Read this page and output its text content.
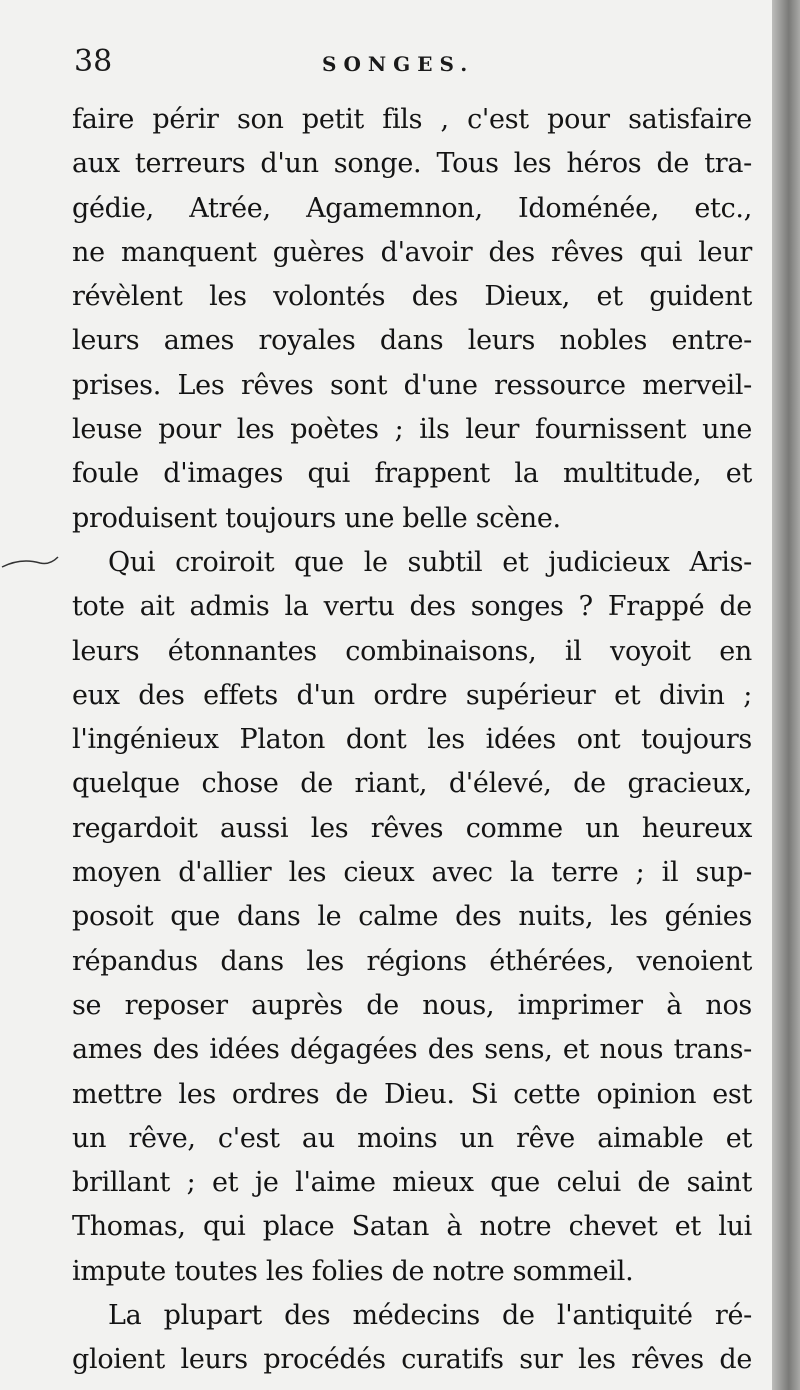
38	SONGES.
faire périr son petit fils , c'est pour satisfaire
aux terreurs d'un songe. Tous les héros de tra-
gédie, Atrée, Agamemnon, Idoménée, etc.,
ne manquent guères d'avoir des rêves qui leur
révèlent les volontés des Dieux, et guident
leurs ames royales dans leurs nobles entre-
prises. Les rêves sont d'une ressource merveil-
leuse pour les poètes ; ils leur fournissent une
foule d'images qui frappent la multitude, et
produisent toujours une belle scène.
Qui croiroit que le subtil et judicieux Aris-
tote ait admis la vertu des songes ? Frappé de
leurs étonnantes combinaisons, il voyoit en
eux des effets d'un ordre supérieur et divin ;
l'ingénieux Platon dont les idées ont toujours
quelque chose de riant, d'élevé, de gracieux,
regardoit aussi les rêves comme un heureux
moyen d'allier les cieux avec la terre ; il sup-
posoit que dans le calme des nuits, les génies
répandus dans les régions éthérées, venoient
se reposer auprès de nous, imprimer à nos
ames des idées dégagées des sens, et nous trans-
mettre les ordres de Dieu. Si cette opinion est
un rêve, c'est au moins un rêve aimable et
brillant ; et je l'aime mieux que celui de saint
Thomas, qui place Satan à notre chevet et lui
impute toutes les folies de notre sommeil.
La plupart des médecins de l'antiquité ré-
gloient leurs procédés curatifs sur les rêves de
